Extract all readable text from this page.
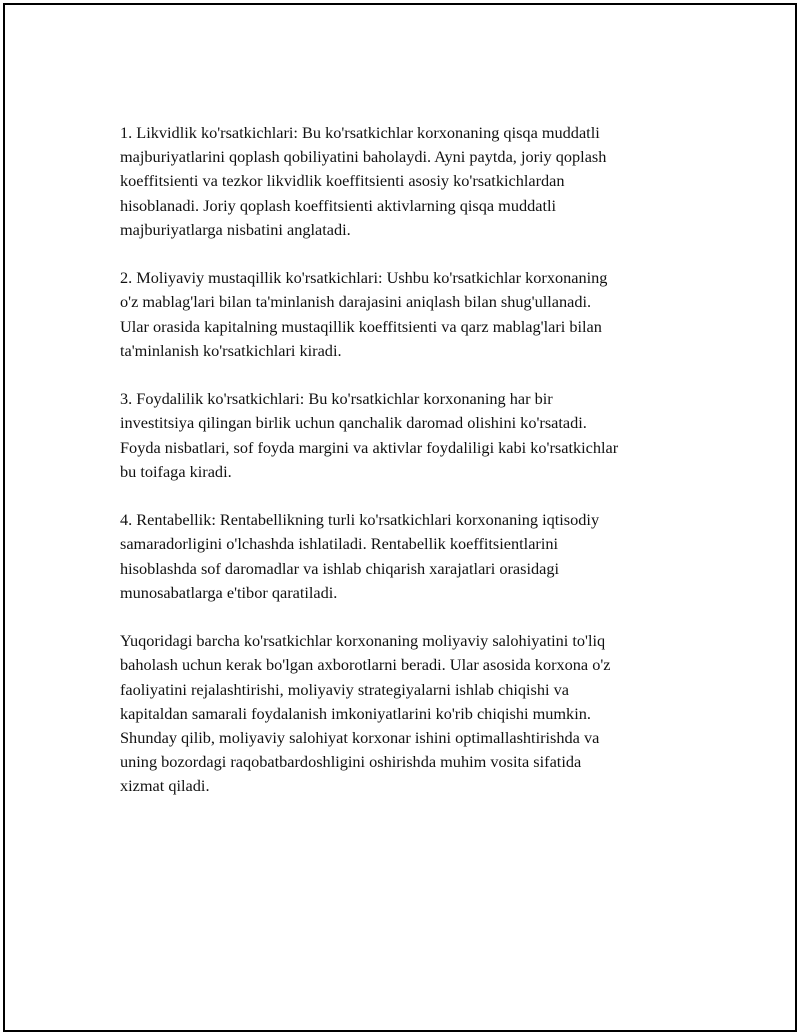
1. Likvidlik ko'rsatkichlari: Bu ko'rsatkichlar korxonaning qisqa muddatli
majburiyatlarini qoplash qobiliyatini baholaydi. Ayni paytda, joriy qoplash
koeffitsienti va tezkor likvidlik koeffitsienti asosiy ko'rsatkichlardan
hisoblanadi. Joriy qoplash koeffitsienti aktivlarning qisqa muddatli
majburiyatlarga nisbatini anglatadi.

2. Moliyaviy mustaqillik ko'rsatkichlari: Ushbu ko'rsatkichlar korxonaning
o'z mablag'lari bilan ta'minlanish darajasini aniqlash bilan shug'ullanadi.
Ular orasida kapitalning mustaqillik koeffitsienti va qarz mablag'lari bilan
ta'minlanish ko'rsatkichlari kiradi.

3. Foydalilik ko'rsatkichlari: Bu ko'rsatkichlar korxonaning har bir
investitsiya qilingan birlik uchun qanchalik daromad olishini ko'rsatadi.
Foyda nisbatlari, sof foyda margini va aktivlar foydaliligi kabi ko'rsatkichlar
bu toifaga kiradi.

4. Rentabellik: Rentabellikning turli ko'rsatkichlari korxonaning iqtisodiy
samaradorligini o'lchashda ishlatiladi. Rentabellik koeffitsientlarini
hisoblashda sof daromadlar va ishlab chiqarish xarajatlari orasidagi
munosabatlarga e'tibor qaratiladi.

Yuqoridagi barcha ko'rsatkichlar korxonaning moliyaviy salohiyatini to'liq
baholash uchun kerak bo'lgan axborotlarni beradi. Ular asosida korxona o'z
faoliyatini rejalashtirishi, moliyaviy strategiyalarni ishlab chiqishi va
kapitaldan samarali foydalanish imkoniyatlarini ko'rib chiqishi mumkin.
Shunday qilib, moliyaviy salohiyat korxonar ishini optimallashtirishda va
uning bozordagi raqobatbardoshligini oshirishda muhim vosita sifatida
xizmat qiladi.
